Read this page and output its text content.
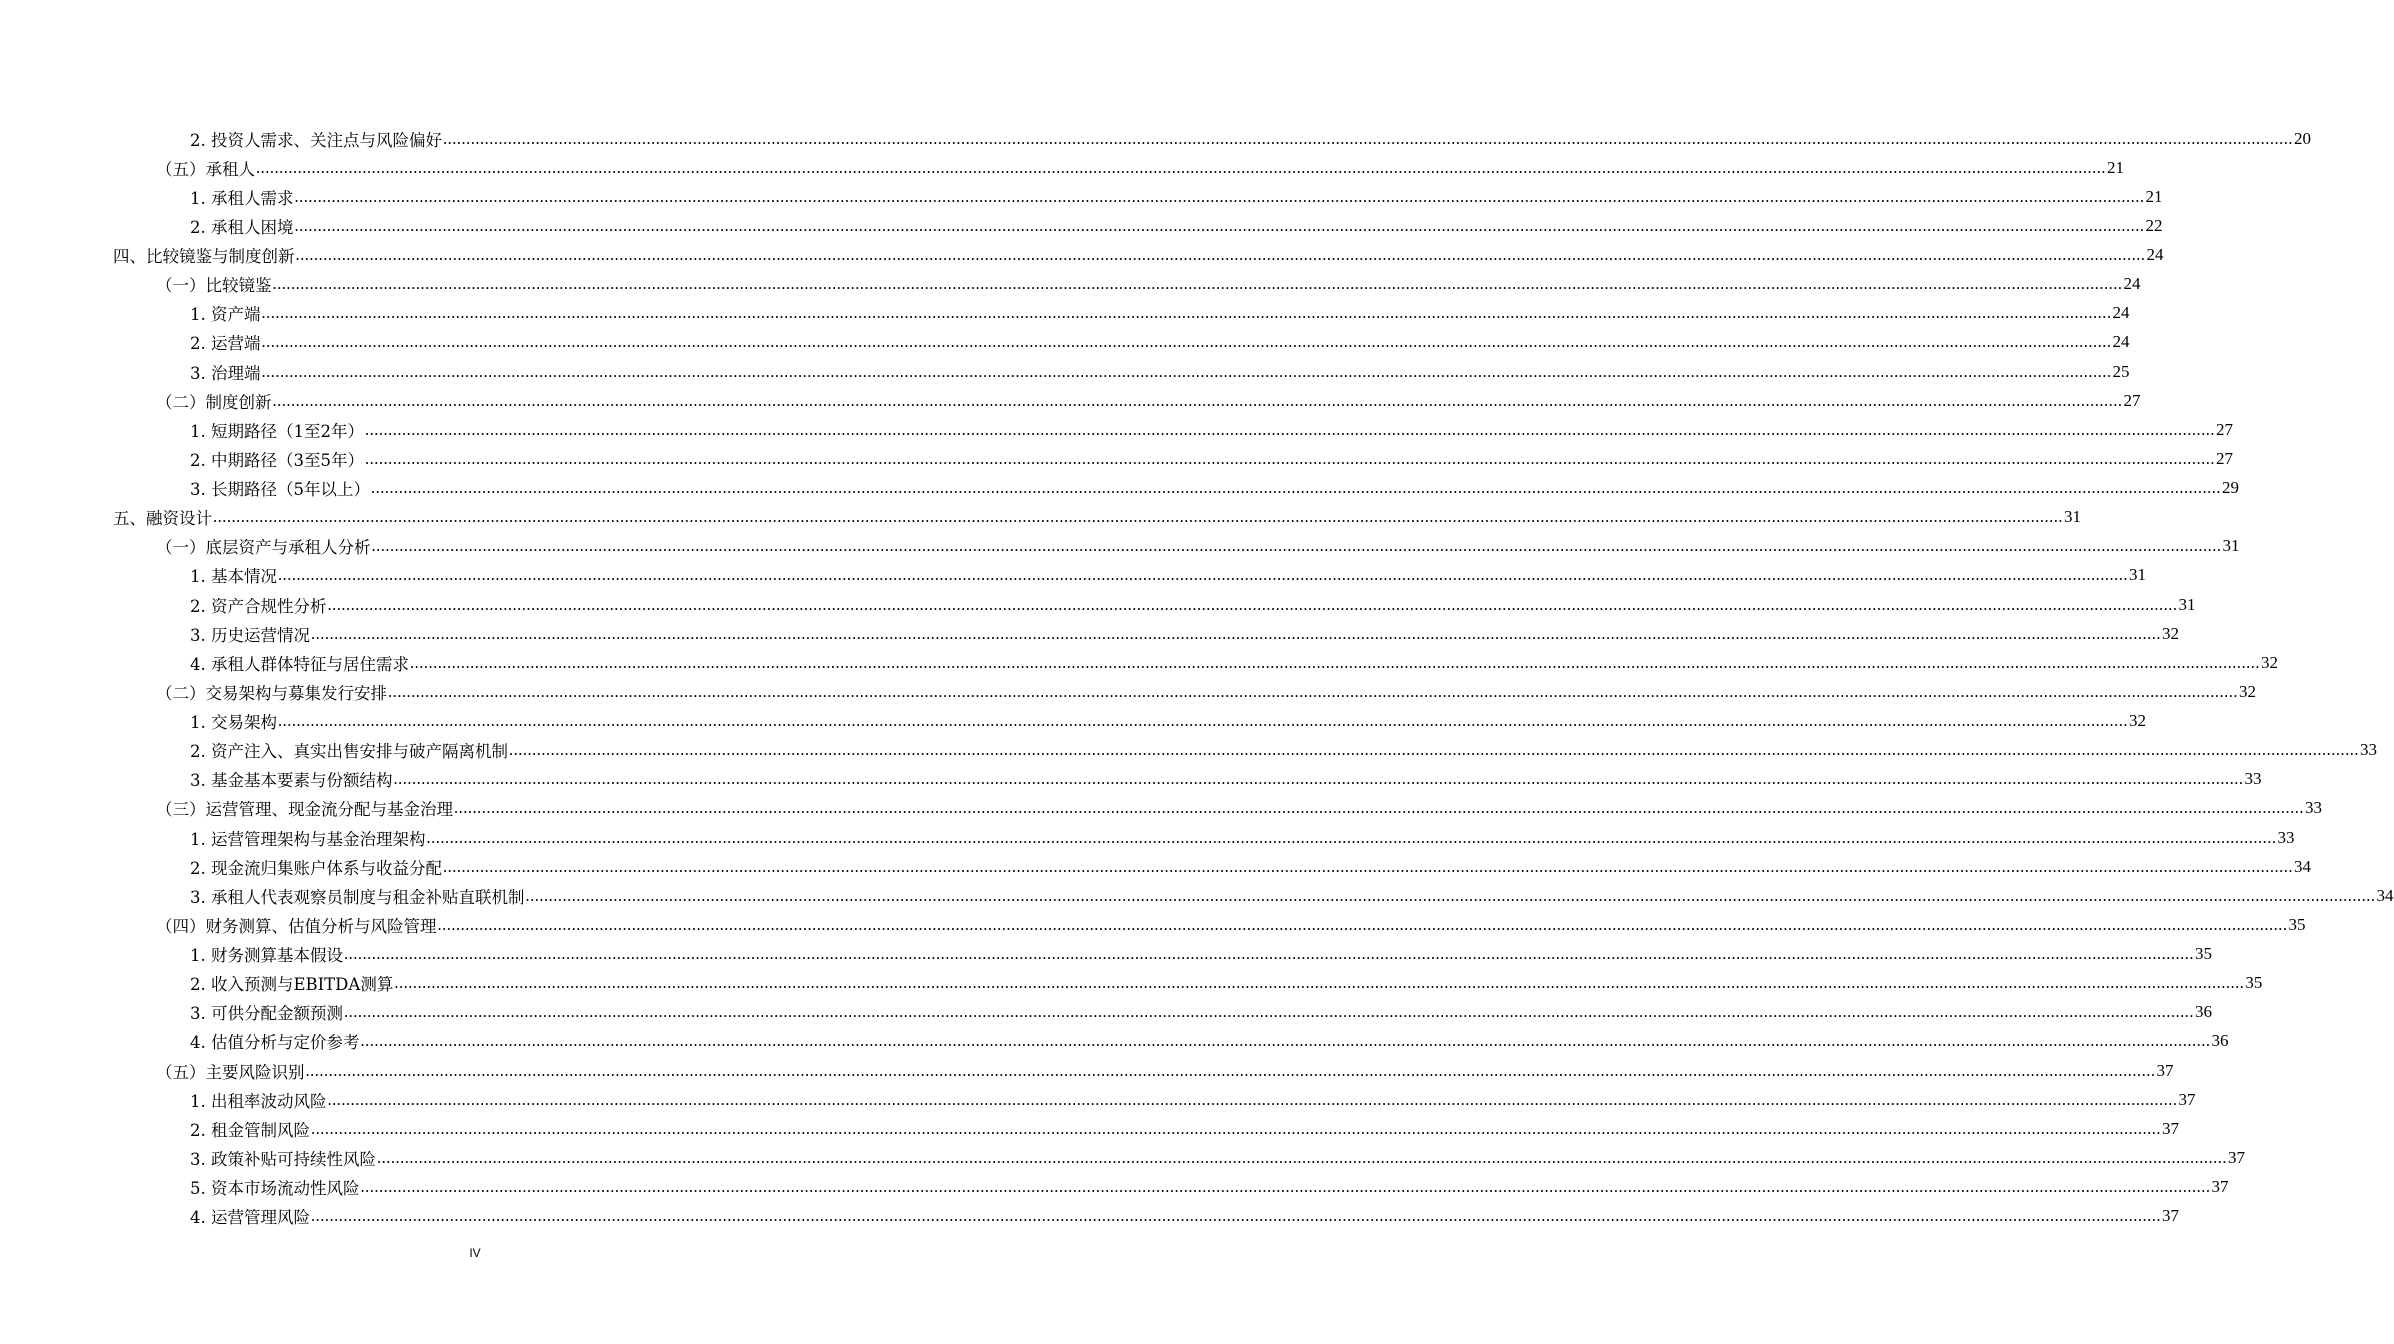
2. 投资人需求、关注点与风险偏好 ................................................................................................................................................................................................................................................................................................................................................................................................................ 20
（五）承租人 ................................................................................................................................................................................................................................................................................................................................................................................................................ 21
1. 承租人需求 ................................................................................................................................................................................................................................................................................................................................................................................................................ 21
2. 承租人困境 ................................................................................................................................................................................................................................................................................................................................................................................................................ 22
四、比较镜鉴与制度创新 ................................................................................................................................................................................................................................................................................................................................................................................................................ 24
（一）比较镜鉴 ................................................................................................................................................................................................................................................................................................................................................................................................................ 24
1. 资产端 ................................................................................................................................................................................................................................................................................................................................................................................................................ 24
2. 运营端 ................................................................................................................................................................................................................................................................................................................................................................................................................ 24
3. 治理端 ................................................................................................................................................................................................................................................................................................................................................................................................................ 25
（二）制度创新 ................................................................................................................................................................................................................................................................................................................................................................................................................ 27
1. 短期路径（1至2年） ................................................................................................................................................................................................................................................................................................................................................................................................................ 27
2. 中期路径（3至5年） ................................................................................................................................................................................................................................................................................................................................................................................................................ 27
3. 长期路径（5年以上） ................................................................................................................................................................................................................................................................................................................................................................................................................ 29
五、融资设计 ................................................................................................................................................................................................................................................................................................................................................................................................................ 31
（一）底层资产与承租人分析 ................................................................................................................................................................................................................................................................................................................................................................................................................ 31
1. 基本情况 ................................................................................................................................................................................................................................................................................................................................................................................................................ 31
2. 资产合规性分析 ................................................................................................................................................................................................................................................................................................................................................................................................................ 31
3. 历史运营情况 ................................................................................................................................................................................................................................................................................................................................................................................................................ 32
4. 承租人群体特征与居住需求 ................................................................................................................................................................................................................................................................................................................................................................................................................ 32
（二）交易架构与募集发行安排 ................................................................................................................................................................................................................................................................................................................................................................................................................ 32
1. 交易架构 ................................................................................................................................................................................................................................................................................................................................................................................................................ 32
2. 资产注入、真实出售安排与破产隔离机制 ................................................................................................................................................................................................................................................................................................................................................................................................................ 33
3. 基金基本要素与份额结构 ................................................................................................................................................................................................................................................................................................................................................................................................................ 33
（三）运营管理、现金流分配与基金治理 ................................................................................................................................................................................................................................................................................................................................................................................................................ 33
1. 运营管理架构与基金治理架构 ................................................................................................................................................................................................................................................................................................................................................................................................................ 33
2. 现金流归集账户体系与收益分配 ................................................................................................................................................................................................................................................................................................................................................................................................................ 34
3. 承租人代表观察员制度与租金补贴直联机制 ................................................................................................................................................................................................................................................................................................................................................................................................................ 34
（四）财务测算、估值分析与风险管理 ................................................................................................................................................................................................................................................................................................................................................................................................................ 35
1. 财务测算基本假设 ................................................................................................................................................................................................................................................................................................................................................................................................................ 35
2. 收入预测与EBITDA测算 ................................................................................................................................................................................................................................................................................................................................................................................................................ 35
3. 可供分配金额预测 ................................................................................................................................................................................................................................................................................................................................................................................................................ 36
4. 估值分析与定价参考 ................................................................................................................................................................................................................................................................................................................................................................................................................ 36
（五）主要风险识别 ................................................................................................................................................................................................................................................................................................................................................................................................................ 37
1. 出租率波动风险 ................................................................................................................................................................................................................................................................................................................................................................................................................ 37
2. 租金管制风险 ................................................................................................................................................................................................................................................................................................................................................................................................................ 37
3. 政策补贴可持续性风险 ................................................................................................................................................................................................................................................................................................................................................................................................................ 37
5. 资本市场流动性风险 ................................................................................................................................................................................................................................................................................................................................................................................................................ 37
4. 运营管理风险 ................................................................................................................................................................................................................................................................................................................................................................................................................ 37
IV
